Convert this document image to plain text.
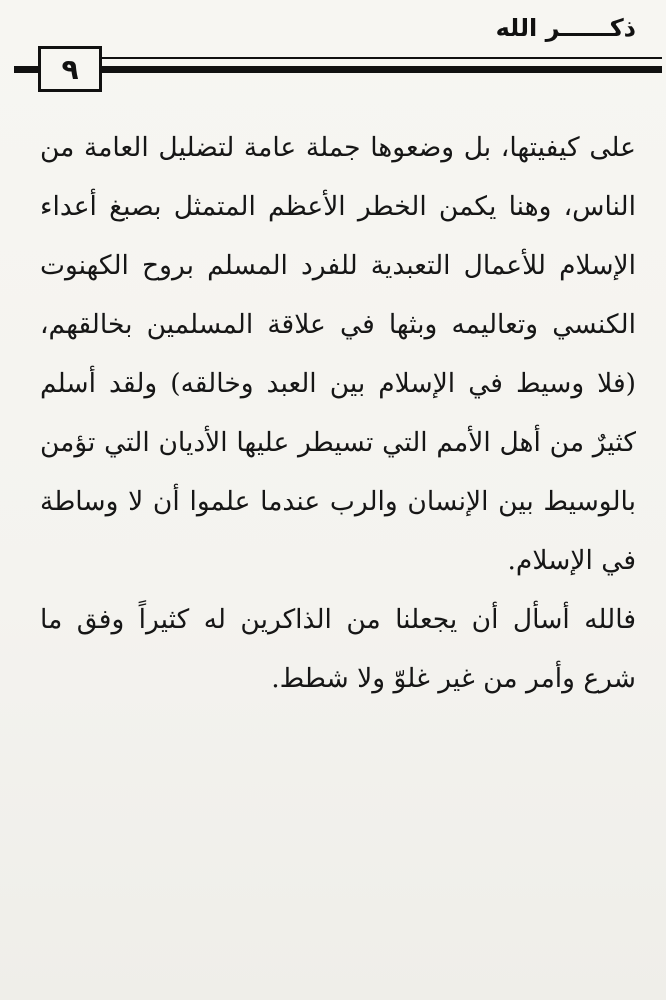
ذكــــــر الله
٩

على كيفيتها، بل وضعوها جملة عامة لتضليل العامة من الناس، وهنا يكمن الخطر الأعظم المتمثل بصبغ أعداء الإسلام للأعمال التعبدية للفرد المسلم بروح الكهنوت الكنسي وتعاليمه وبثها في علاقة المسلمين بخالقهم، (فلا وسيط في الإسلام بين العبد وخالقه) ولقد أسلم كثيرٌ من أهل الأمم التي تسيطر عليها الأديان التي تؤمن بالوسيط بين الإنسان والرب عندما علموا أن لا وساطة في الإسلام.

فالله أسأل أن يجعلنا من الذاكرين له كثيراً وفق ما شرع وأمر من غير غلوّ ولا شطط.
